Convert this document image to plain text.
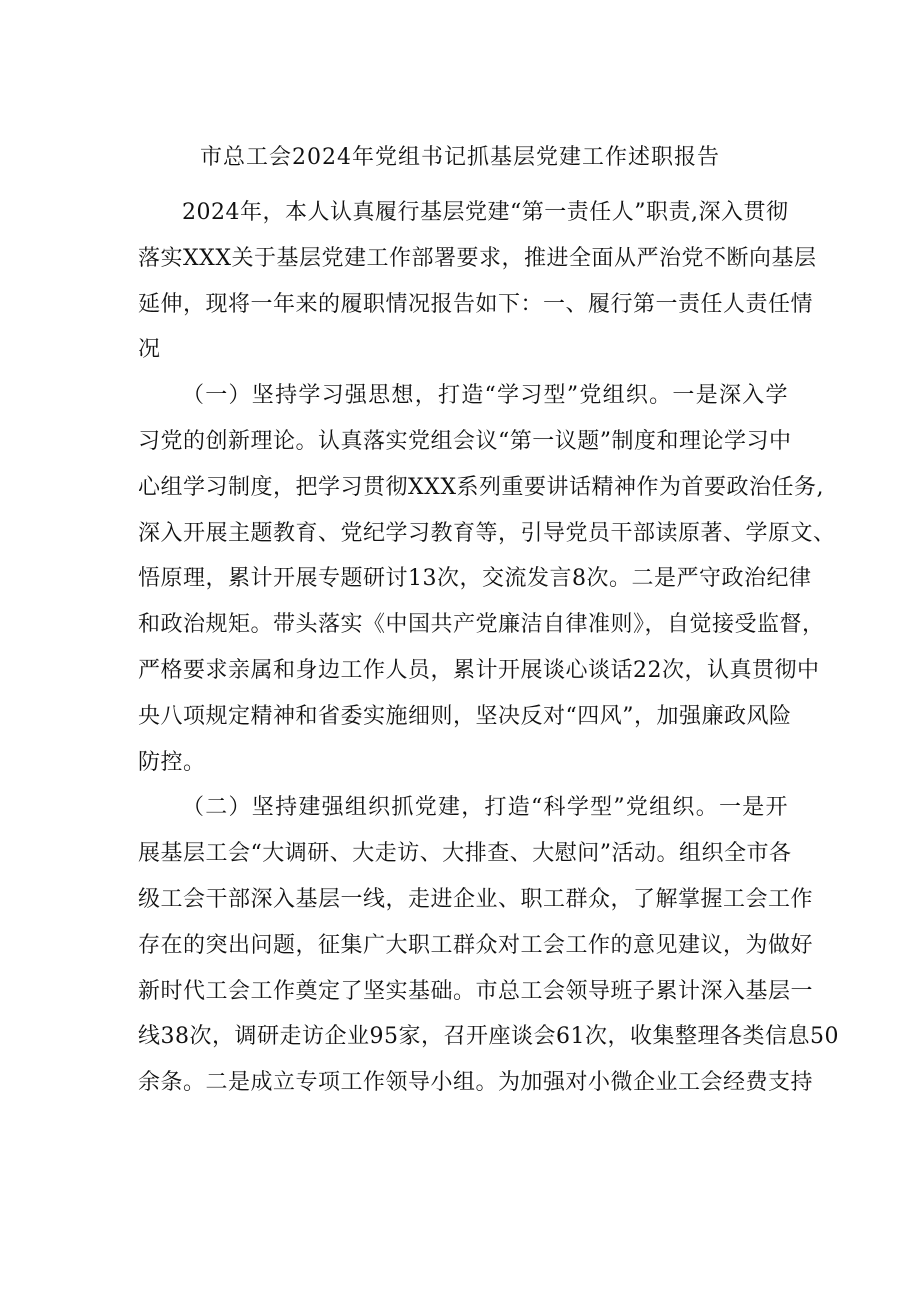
市总工会2024年党组书记抓基层党建工作述职报告

2024年，本人认真履行基层党建“第一责任人”职责,深入贯彻
落实XXX关于基层党建工作部署要求，推进全面从严治党不断向基层
延伸，现将一年来的履职情况报告如下：一、履行第一责任人责任情
况

（一）坚持学习强思想，打造“学习型”党组织。一是深入学
习党的创新理论。认真落实党组会议“第一议题”制度和理论学习中
心组学习制度，把学习贯彻XXX系列重要讲话精神作为首要政治任务,
深入开展主题教育、党纪学习教育等，引导党员干部读原著、学原文、
悟原理，累计开展专题研讨13次，交流发言8次。二是严守政治纪律
和政治规矩。带头落实《中国共产党廉洁自律准则》，自觉接受监督，
严格要求亲属和身边工作人员，累计开展谈心谈话22次，认真贯彻中
央八项规定精神和省委实施细则，坚决反对“四风”，加强廉政风险
防控。

（二）坚持建强组织抓党建，打造“科学型”党组织。一是开
展基层工会“大调研、大走访、大排查、大慰问”活动。组织全市各
级工会干部深入基层一线，走进企业、职工群众，了解掌握工会工作
存在的突出问题，征集广大职工群众对工会工作的意见建议，为做好
新时代工会工作奠定了坚实基础。市总工会领导班子累计深入基层一
线38次，调研走访企业95家，召开座谈会61次，收集整理各类信息50
余条。二是成立专项工作领导小组。为加强对小微企业工会经费支持
